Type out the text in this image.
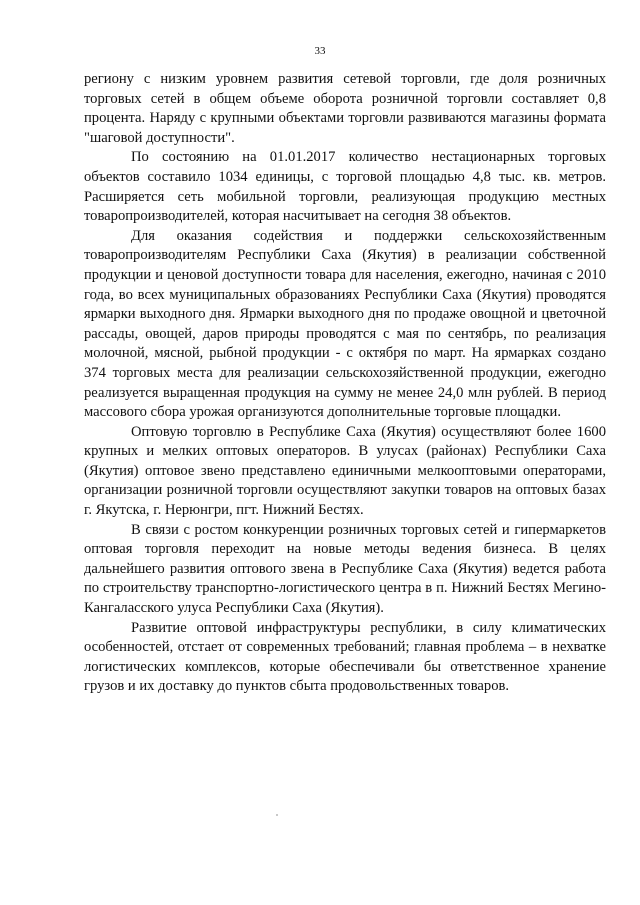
33

региону с низким уровнем развития сетевой торговли, где доля розничных торговых сетей в общем объеме оборота розничной торговли составляет 0,8 процента. Наряду с крупными объектами торговли развиваются магазины формата "шаговой доступности".

По состоянию на 01.01.2017 количество нестационарных торговых объектов составило 1034 единицы, с торговой площадью 4,8 тыс. кв. метров. Расширяется сеть мобильной торговли, реализующая продукцию местных товаропроизводителей, которая насчитывает на сегодня 38 объектов.

Для оказания содействия и поддержки сельскохозяйственным товаропроизводителям Республики Саха (Якутия) в реализации собственной продукции и ценовой доступности товара для населения, ежегодно, начиная с 2010 года, во всех муниципальных образованиях Республики Саха (Якутия) проводятся ярмарки выходного дня. Ярмарки выходного дня по продаже овощной и цветочной рассады, овощей, даров природы проводятся с мая по сентябрь, по реализация молочной, мясной, рыбной продукции - с октября по март. На ярмарках создано 374 торговых места для реализации сельскохозяйственной продукции, ежегодно реализуется выращенная продукция на сумму не менее 24,0 млн рублей. В период массового сбора урожая организуются дополнительные торговые площадки.

Оптовую торговлю в Республике Саха (Якутия) осуществляют более 1600 крупных и мелких оптовых операторов. В улусах (районах) Республики Саха (Якутия) оптовое звено представлено единичными мелкооптовыми операторами, организации розничной торговли осуществляют закупки товаров на оптовых базах г. Якутска, г. Нерюнгри, пгт. Нижний Бестях.

В связи с ростом конкуренции розничных торговых сетей и гипермаркетов оптовая торговля переходит на новые методы ведения бизнеса. В целях дальнейшего развития оптового звена в Республике Саха (Якутия) ведется работа по строительству транспортно-логистического центра в п. Нижний Бестях Мегино-Кангаласского улуса Республики Саха (Якутия).

Развитие оптовой инфраструктуры республики, в силу климатических особенностей, отстает от современных требований; главная проблема – в нехватке логистических комплексов, которые обеспечивали бы ответственное хранение грузов и их доставку до пунктов сбыта продовольственных товаров.
